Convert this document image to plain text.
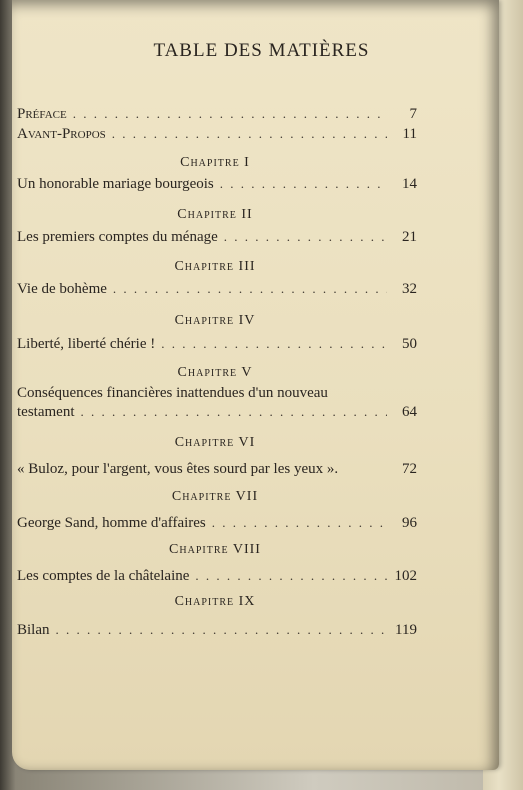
TABLE DES MATIÈRES
Préface . . .	7
Avant-Propos . . .	11
Chapitre I
Un honorable mariage bourgeois . . .	14
Chapitre II
Les premiers comptes du ménage . . .	21
Chapitre III
Vie de bohème . . .	32
Chapitre IV
Liberté, liberté chérie ! . . .	50
Chapitre V
Conséquences financières inattendues d'un nouveau
testament . . .	64
Chapitre VI
« Buloz, pour l'argent, vous êtes sourd par les yeux ».	72
Chapitre VII
George Sand, homme d'affaires . . .	96
Chapitre VIII
Les comptes de la châtelaine . . .	102
Chapitre IX
Bilan . . .	119
